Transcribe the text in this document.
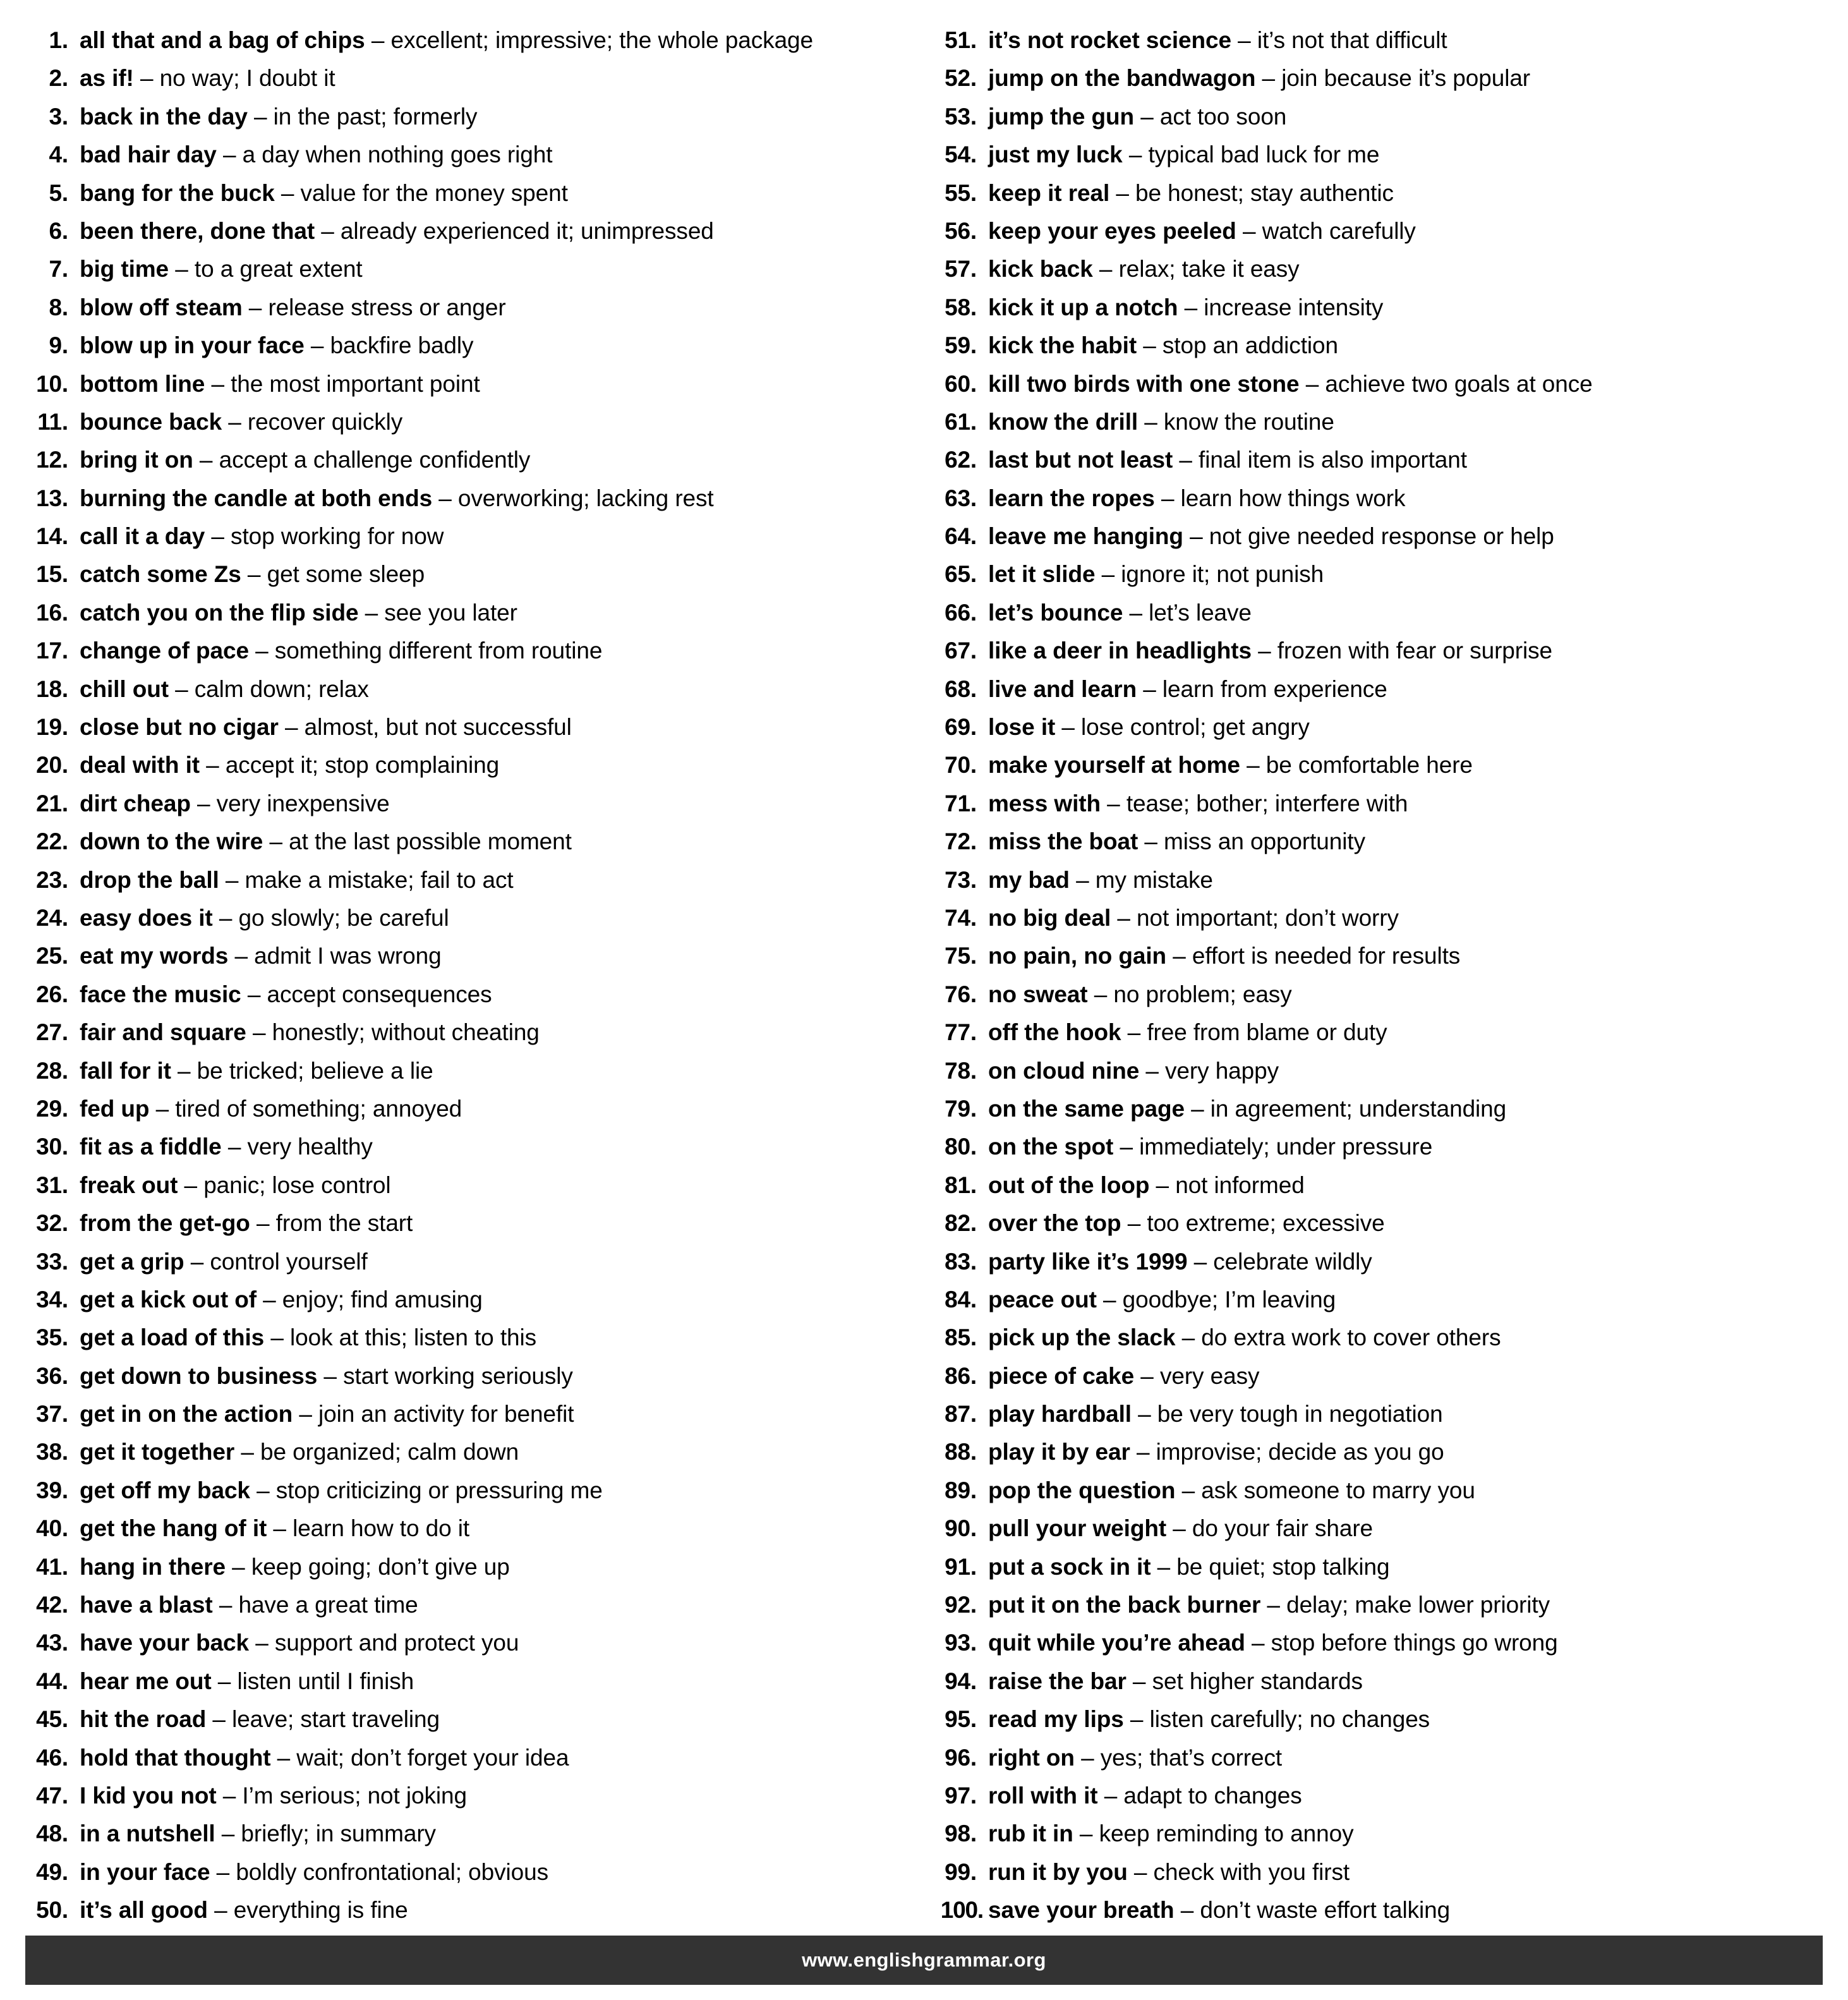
1. all that and a bag of chips – excellent; impressive; the whole package
2. as if! – no way; I doubt it
3. back in the day – in the past; formerly
4. bad hair day – a day when nothing goes right
5. bang for the buck – value for the money spent
6. been there, done that – already experienced it; unimpressed
7. big time – to a great extent
8. blow off steam – release stress or anger
9. blow up in your face – backfire badly
10. bottom line – the most important point
11. bounce back – recover quickly
12. bring it on – accept a challenge confidently
13. burning the candle at both ends – overworking; lacking rest
14. call it a day – stop working for now
15. catch some Zs – get some sleep
16. catch you on the flip side – see you later
17. change of pace – something different from routine
18. chill out – calm down; relax
19. close but no cigar – almost, but not successful
20. deal with it – accept it; stop complaining
21. dirt cheap – very inexpensive
22. down to the wire – at the last possible moment
23. drop the ball – make a mistake; fail to act
24. easy does it – go slowly; be careful
25. eat my words – admit I was wrong
26. face the music – accept consequences
27. fair and square – honestly; without cheating
28. fall for it – be tricked; believe a lie
29. fed up – tired of something; annoyed
30. fit as a fiddle – very healthy
31. freak out – panic; lose control
32. from the get-go – from the start
33. get a grip – control yourself
34. get a kick out of – enjoy; find amusing
35. get a load of this – look at this; listen to this
36. get down to business – start working seriously
37. get in on the action – join an activity for benefit
38. get it together – be organized; calm down
39. get off my back – stop criticizing or pressuring me
40. get the hang of it – learn how to do it
41. hang in there – keep going; don’t give up
42. have a blast – have a great time
43. have your back – support and protect you
44. hear me out – listen until I finish
45. hit the road – leave; start traveling
46. hold that thought – wait; don’t forget your idea
47. I kid you not – I’m serious; not joking
48. in a nutshell – briefly; in summary
49. in your face – boldly confrontational; obvious
50. it’s all good – everything is fine
51. it’s not rocket science – it’s not that difficult
52. jump on the bandwagon – join because it’s popular
53. jump the gun – act too soon
54. just my luck – typical bad luck for me
55. keep it real – be honest; stay authentic
56. keep your eyes peeled – watch carefully
57. kick back – relax; take it easy
58. kick it up a notch – increase intensity
59. kick the habit – stop an addiction
60. kill two birds with one stone – achieve two goals at once
61. know the drill – know the routine
62. last but not least – final item is also important
63. learn the ropes – learn how things work
64. leave me hanging – not give needed response or help
65. let it slide – ignore it; not punish
66. let’s bounce – let’s leave
67. like a deer in headlights – frozen with fear or surprise
68. live and learn – learn from experience
69. lose it – lose control; get angry
70. make yourself at home – be comfortable here
71. mess with – tease; bother; interfere with
72. miss the boat – miss an opportunity
73. my bad – my mistake
74. no big deal – not important; don’t worry
75. no pain, no gain – effort is needed for results
76. no sweat – no problem; easy
77. off the hook – free from blame or duty
78. on cloud nine – very happy
79. on the same page – in agreement; understanding
80. on the spot – immediately; under pressure
81. out of the loop – not informed
82. over the top – too extreme; excessive
83. party like it’s 1999 – celebrate wildly
84. peace out – goodbye; I’m leaving
85. pick up the slack – do extra work to cover others
86. piece of cake – very easy
87. play hardball – be very tough in negotiation
88. play it by ear – improvise; decide as you go
89. pop the question – ask someone to marry you
90. pull your weight – do your fair share
91. put a sock in it – be quiet; stop talking
92. put it on the back burner – delay; make lower priority
93. quit while you’re ahead – stop before things go wrong
94. raise the bar – set higher standards
95. read my lips – listen carefully; no changes
96. right on – yes; that’s correct
97. roll with it – adapt to changes
98. rub it in – keep reminding to annoy
99. run it by you – check with you first
100. save your breath – don’t waste effort talking
www.englishgrammar.org
